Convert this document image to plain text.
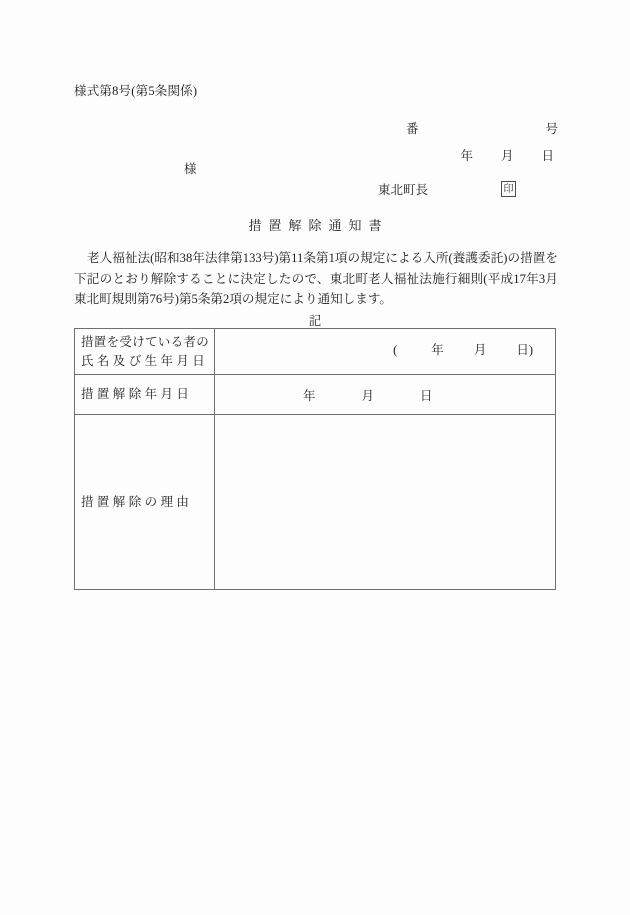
様式第8号(第5条関係)
番	号
年 月 日
様
東北町長	印
措置解除通知書
老人福祉法(昭和38年法律第133号)第11条第1項の規定による入所(養護委託)の措置を下記のとおり解除することに決定したので、東北町老人福祉法施行細則(平成17年3月東北町規則第76号)第5条第2項の規定により通知します。
記
措置を受けている者の
氏名及び生年月日	( 年 月 日)

措置解除年月日	年 月 日

措置解除の理由	
